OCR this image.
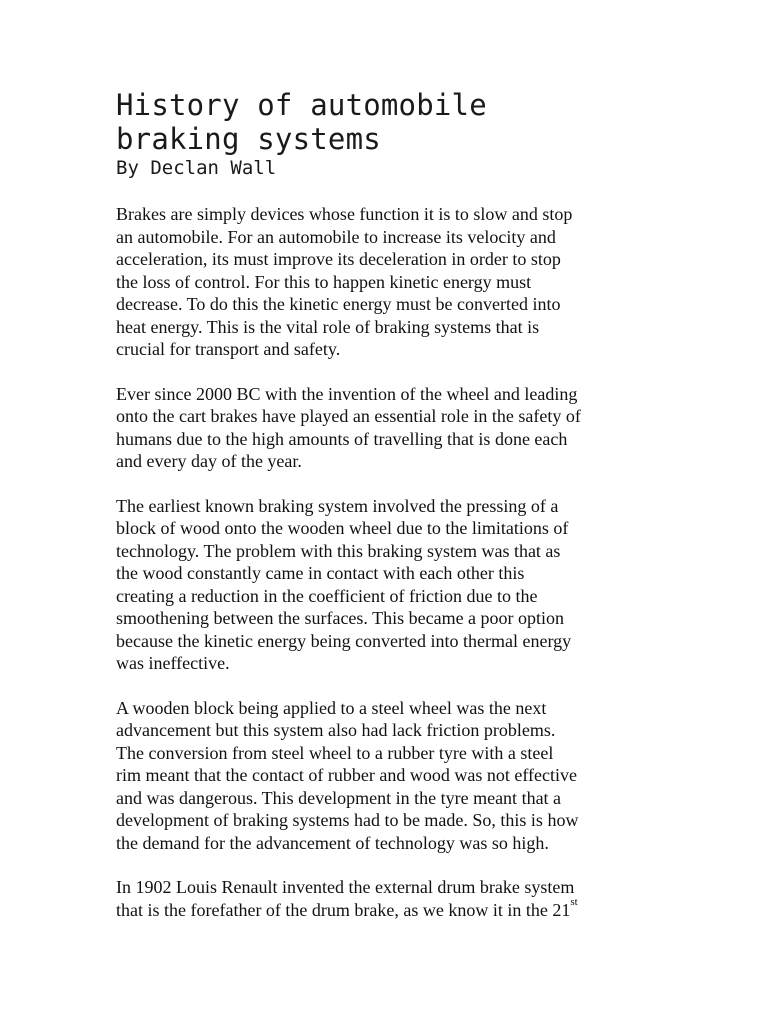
History of automobile
braking systems
By Declan Wall

Brakes are simply devices whose function it is to slow and stop
an automobile. For an automobile to increase its velocity and
acceleration, its must improve its deceleration in order to stop
the loss of control. For this to happen kinetic energy must
decrease. To do this the kinetic energy must be converted into
heat energy. This is the vital role of braking systems that is
crucial for transport and safety.

Ever since 2000 BC with the invention of the wheel and leading
onto the cart brakes have played an essential role in the safety of
humans due to the high amounts of travelling that is done each
and every day of the year.

The earliest known braking system involved the pressing of a
block of wood onto the wooden wheel due to the limitations of
technology. The problem with this braking system was that as
the wood constantly came in contact with each other this
creating a reduction in the coefficient of friction due to the
smoothening between the surfaces. This became a poor option
because the kinetic energy being converted into thermal energy
was ineffective.

A wooden block being applied to a steel wheel was the next
advancement but this system also had lack friction problems.
The conversion from steel wheel to a rubber tyre with a steel
rim meant that the contact of rubber and wood was not effective
and was dangerous. This development in the tyre meant that a
development of braking systems had to be made. So, this is how
the demand for the advancement of technology was so high.

In 1902 Louis Renault invented the external drum brake system
that is the forefather of the drum brake, as we know it in the 21st
